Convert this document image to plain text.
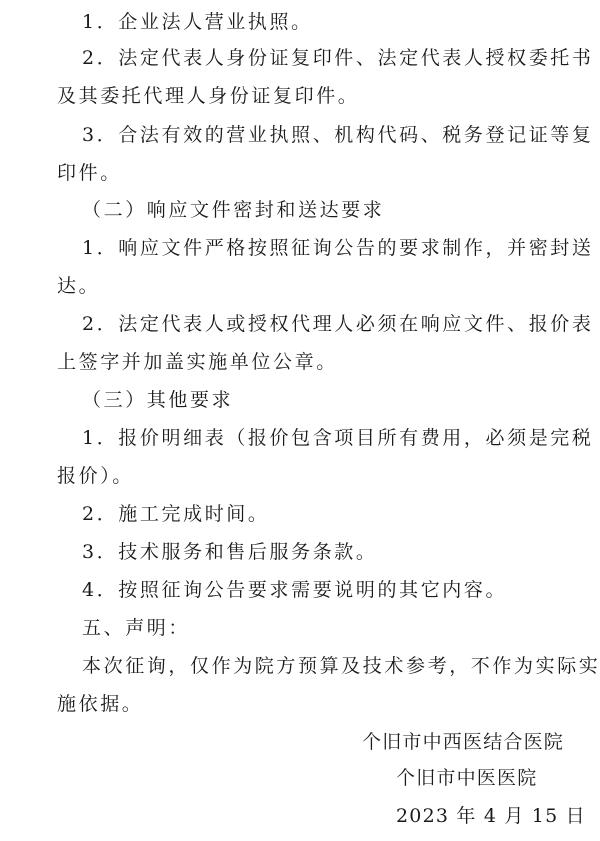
1．企业法人营业执照。
2．法定代表人身份证复印件、法定代表人授权委托书
及其委托代理人身份证复印件。
3．合法有效的营业执照、机构代码、税务登记证等复
印件。
（二）响应文件密封和送达要求
1．响应文件严格按照征询公告的要求制作，并密封送
达。
2．法定代表人或授权代理人必须在响应文件、报价表
上签字并加盖实施单位公章。
（三）其他要求
1．报价明细表（报价包含项目所有费用，必须是完税
报价）。
2．施工完成时间。
3．技术服务和售后服务条款。
4．按照征询公告要求需要说明的其它内容。
五、声明：
本次征询，仅作为院方预算及技术参考，不作为实际实
施依据。
个旧市中西医结合医院
个旧市中医医院
2023 年 4 月 15 日
